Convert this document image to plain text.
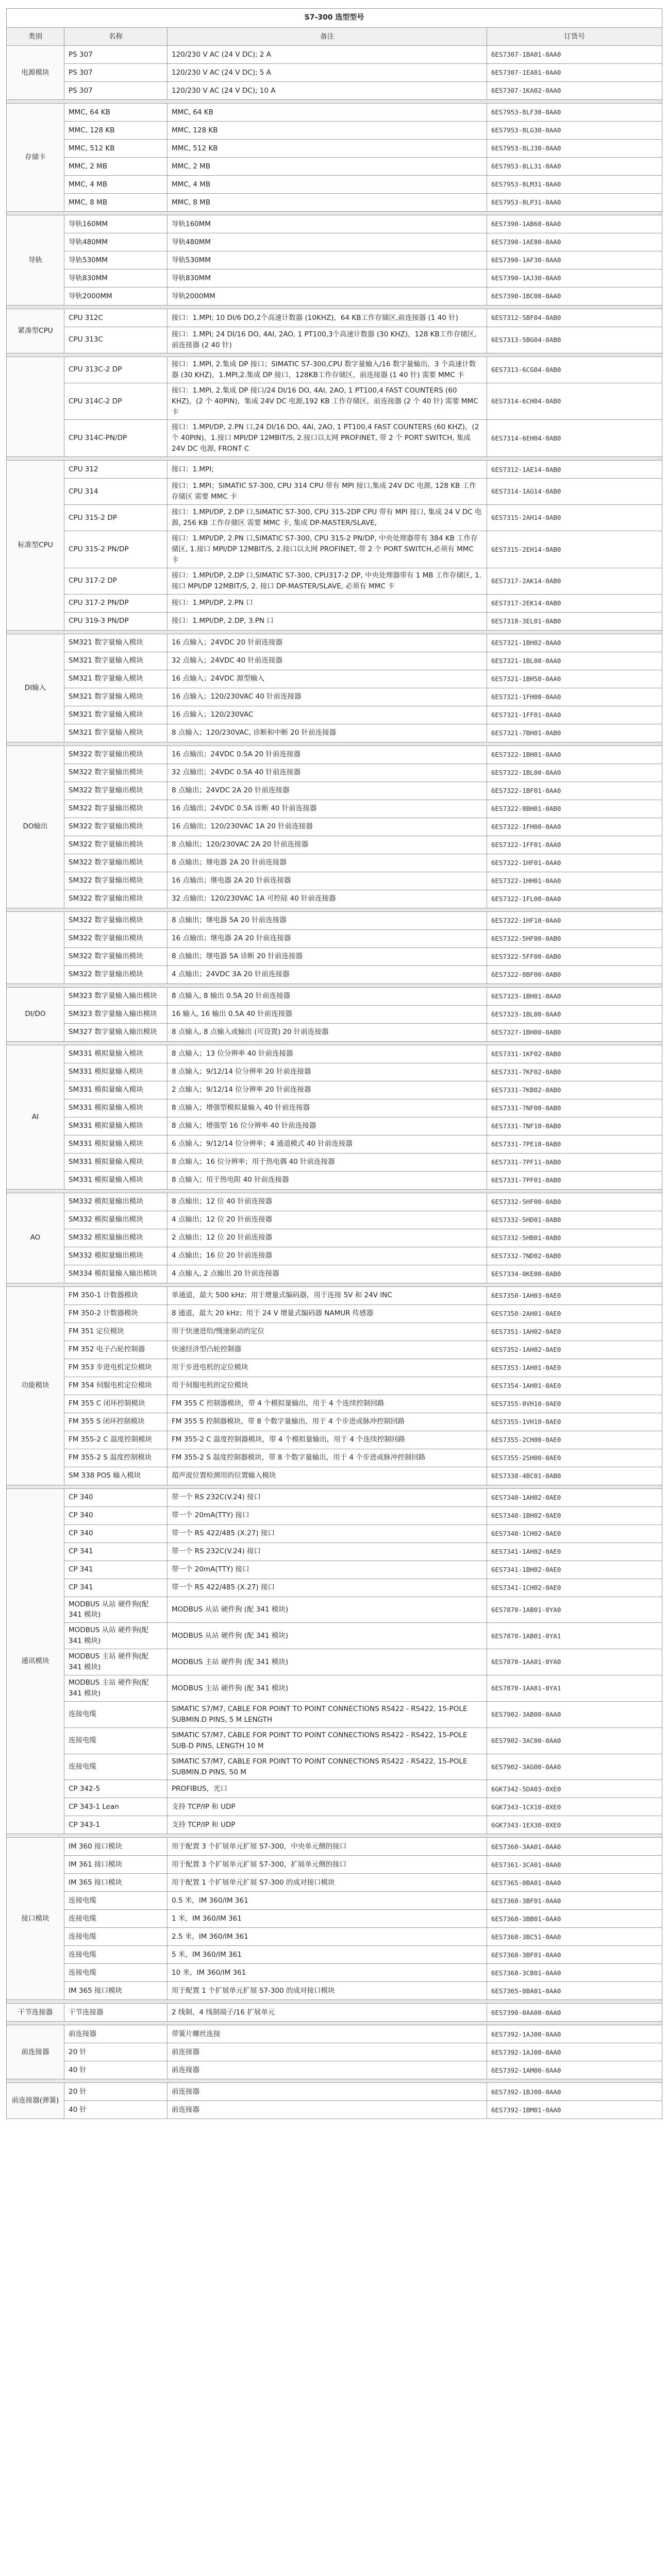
S7-300 选型型号			
类别	名称	备注	订货号
电源模块	PS 307	120/230 V AC (24 V DC); 2 A	6ES7307-1BA01-0AA0
	PS 307	120/230 V AC (24 V DC); 5 A	6ES7307-1EA01-0AA0
	PS 307	120/230 V AC (24 V DC); 10 A	6ES7307-1KA02-0AA0

存储卡	MMC, 64 KB	MMC, 64 KB	6ES7953-8LF30-0AA0
	MMC, 128 KB	MMC, 128 KB	6ES7953-8LG30-0AA0
	MMC, 512 KB	MMC, 512 KB	6ES7953-8LJ30-0AA0
	MMC, 2 MB	MMC, 2 MB	6ES7953-8LL31-0AA0
	MMC, 4 MB	MMC, 4 MB	6ES7953-8LM31-0AA0
	MMC, 8 MB	MMC, 8 MB	6ES7953-8LP31-0AA0

导轨	导轨160MM	导轨160MM	6ES7390-1AB60-0AA0
	导轨480MM	导轨480MM	6ES7390-1AE80-0AA0
	导轨530MM	导轨530MM	6ES7390-1AF30-0AA0
	导轨830MM	导轨830MM	6ES7390-1AJ30-0AA0
	导轨2000MM	导轨2000MM	6ES7390-1BC00-0AA0

紧凑型CPU	CPU 312C	接口：1.MPI; 10 DI/6 DO,2个高速计数器 (10KHZ)，64 KB工作存储区,前连接器 (1 40 针)	6ES7312-5BF04-0AB0
	CPU 313C	接口：1.MPI; 24 DI/16 DO, 4AI, 2AO, 1 PT100,3个高速计数器 (30 KHZ)，128 KB工作存储区,前连接器 (2 40 针)	6ES7313-5BG04-0AB0

	CPU 313C-2 DP	接口：1.MPI, 2.集成 DP 接口；SIMATIC S7-300,CPU 数字量输入/16 数字量输出，3 个高速计数器 (30 KHZ)，1.MPI,2.集成 DP 接口，128KB工作存储区，前连接器 (1 40 针) 需要 MMC 卡	6ES7313-6CG04-0AB0
	CPU 314C-2 DP	接口：1.MPI, 2.集成 DP 接口/24 DI/16 DO, 4AI, 2AO, 1 PT100,4 FAST COUNTERS (60 KHZ)，(2 个 40PIN)，集成 24V DC 电源,192 KB 工作存储区，前连接器 (2 个 40 针) 需要 MMC 卡	6ES7314-6CH04-0AB0
	CPU 314C-PN/DP	接口：1.MPI/DP, 2.PN 口,24 DI/16 DO, 4AI, 2AO, 1 PT100,4 FAST COUNTERS (60 KHZ)，(2 个 40PIN)，1.接口 MPI/DP 12MBIT/S, 2.接口以太网 PROFINET, 带 2 个 PORT SWITCH, 集成 24V DC 电源, FRONT C	6ES7314-6EH04-0AB0

标准型CPU	CPU 312	接口：1.MPI;	6ES7312-1AE14-0AB0
	CPU 314	接口：1.MPI；SIMATIC S7-300, CPU 314 CPU 带有 MPI 接口,集成 24V DC 电源, 128 KB 工作存储区 需要 MMC 卡	6ES7314-1AG14-0AB0
	CPU 315-2 DP	接口：1.MPI/DP, 2.DP 口,SIMATIC S7-300, CPU 315-2DP CPU 带有 MPI 接口, 集成 24 V DC 电源, 256 KB 工作存储区 需要 MMC 卡, 集成 DP-MASTER/SLAVE,	6ES7315-2AH14-0AB0
	CPU 315-2 PN/DP	接口：1.MPI/DP, 2.PN 口,SIMATIC S7-300, CPU 315-2 PN/DP, 中央处理器带有 384 KB 工作存储区, 1.接口 MPI/DP 12MBIT/S, 2.接口以太网 PROFINET, 带 2 个 PORT SWITCH,必须有 MMC 卡	6ES7315-2EH14-0AB0
	CPU 317-2 DP	接口：1.MPI/DP, 2.DP 口,SIMATIC S7-300, CPU317-2 DP, 中央处理器带有 1 MB 工作存储区, 1. 接口 MPI/DP 12MBIT/S, 2. 接口 DP-MASTER/SLAVE, 必须有 MMC 卡	6ES7317-2AK14-0AB0
	CPU 317-2 PN/DP	接口：1.MPI/DP, 2.PN 口	6ES7317-2EK14-0AB0
	CPU 319-3 PN/DP	接口：1.MPI/DP, 2.DP, 3.PN 口	6ES7318-3EL01-0AB0

DI输入	SM321 数字量输入模块	16 点输入；24VDC 20 针前连接器	6ES7321-1BH02-0AA0
	SM321 数字量输入模块	32 点输入；24VDC 40 针前连接器	6ES7321-1BL00-0AA0
	SM321 数字量输入模块	16 点输入；24VDC 源型输入	6ES7321-1BH50-0AA0
	SM321 数字量输入模块	16 点输入；120/230VAC 40 针前连接器	6ES7321-1FH00-0AA0
	SM321 数字量输入模块	16 点输入；120/230VAC	6ES7321-1FF01-0AA0
	SM321 数字量输入模块	8 点输入；120/230VAC, 诊断和中断 20 针前连接器	6ES7321-7BH01-0AB0

DO输出	SM322 数字量输出模块	16 点输出；24VDC 0.5A 20 针前连接器	6ES7322-1BH01-0AA0
	SM322 数字量输出模块	32 点输出；24VDC 0.5A 40 针前连接器	6ES7322-1BL00-0AA0
	SM322 数字量输出模块	8 点输出；24VDC 2A 20 针前连接器	6ES7322-1BF01-0AA0
	SM322 数字量输出模块	16 点输出；24VDC 0.5A 诊断 40 针前连接器	6ES7322-8BH01-0AB0
	SM322 数字量输出模块	16 点输出；120/230VAC 1A 20 针前连接器	6ES7322-1FH00-0AA0
	SM322 数字量输出模块	8 点输出；120/230VAC 2A 20 针前连接器	6ES7322-1FF01-0AA0
	SM322 数字量输出模块	8 点输出；继电器 2A 20 针前连接器	6ES7322-1HF01-0AA0
	SM322 数字量输出模块	16 点输出；继电器 2A 20 针前连接器	6ES7322-1HH01-0AA0
	SM322 数字量输出模块	32 点输出；120/230VAC 1A 可控硅 40 针前连接器	6ES7322-1FL00-0AA0

	SM322 数字量输出模块	8 点输出；继电器 5A 20 针前连接器	6ES7322-1HF10-0AA0
	SM322 数字量输出模块	16 点输出；继电器 2A 20 针前连接器	6ES7322-5HF00-0AB0
	SM322 数字量输出模块	8 点输出；继电器 5A 诊断 20 针前连接器	6ES7322-5FF00-0AB0
	SM322 数字量输出模块	4 点输出；24VDC 3A 20 针前连接器	6ES7322-8BF00-0AB0

DI/DO	SM323 数字量输入输出模块	8 点输入, 8 输出 0.5A 20 针前连接器	6ES7323-1BH01-0AA0
	SM323 数字量输入输出模块	16 输入, 16 输出 0.5A 40 针前连接器	6ES7323-1BL00-0AA0
	SM327 数字量输入输出模块	8 点输入, 8 点输入或输出 (可设置) 20 针前连接器	6ES7327-1BH00-0AB0

AI	SM331 模拟量输入模块	8 点输入；13 位分辨率 40 针前连接器	6ES7331-1KF02-0AB0
	SM331 模拟量输入模块	8 点输入；9/12/14 位分辨率 20 针前连接器	6ES7331-7KF02-0AB0
	SM331 模拟量输入模块	2 点输入；9/12/14 位分辨率 20 针前连接器	6ES7331-7KB02-0AB0
	SM331 模拟量输入模块	8 点输入；增强型模拟量输入 40 针前连接器	6ES7331-7NF00-0AB0
	SM331 模拟量输入模块	8 点输入；增强型 16 位分辨率 40 针前连接器	6ES7331-7NF10-0AB0
	SM331 模拟量输入模块	6 点输入；9/12/14 位分辨率；4 通道模式 40 针前连接器	6ES7331-7PE10-0AB0
	SM331 模拟量输入模块	8 点输入；16 位分辨率；用于热电偶 40 针前连接器	6ES7331-7PF11-0AB0
	SM331 模拟量输入模块	8 点输入；用于热电阻 40 针前连接器	6ES7331-7PF01-0AB0

AO	SM332 模拟量输出模块	8 点输出；12 位 40 针前连接器	6ES7332-5HF00-0AB0
	SM332 模拟量输出模块	4 点输出；12 位 20 针前连接器	6ES7332-5HD01-0AB0
	SM332 模拟量输出模块	2 点输出；12 位 20 针前连接器	6ES7332-5HB01-0AB0
	SM332 模拟量输出模块	4 点输出；16 位 20 针前连接器	6ES7332-7ND02-0AB0
	SM334 模拟量输入输出模块	4 点输入, 2 点输出 20 针前连接器	6ES7334-0KE00-0AB0

功能模块	FM 350-1 计数器模块	单通道，最大 500 kHz；用于增量式编码器，用于连接 5V 和 24V INC	6ES7350-1AH03-0AE0
	FM 350-2 计数器模块	8 通道，最大 20 kHz；用于 24 V 增量式编码器 NAMUR 传感器	6ES7350-2AH01-0AE0
	FM 351 定位模块	用于快速进给/慢速驱动的定位	6ES7351-1AH02-0AE0
	FM 352 电子凸轮控制器	快速经济型凸轮控制器	6ES7352-1AH02-0AE0
	FM 353 步进电机定位模块	用于步进电机的定位模块	6ES7353-1AH01-0AE0
	FM 354 伺服电机定位模块	用于伺服电机的定位模块	6ES7354-1AH01-0AE0
	FM 355 C 闭环控制模块	FM 355 C 控制器模块，带 4 个模拟量输出，用于 4 个连续控制回路	6ES7355-0VH10-0AE0
	FM 355 S 闭环控制模块	FM 355 S 控制器模块，带 8 个数字量输出，用于 4 个步进或脉冲控制回路	6ES7355-1VH10-0AE0
	FM 355-2 C 温度控制模块	FM 355-2 C 温度控制器模块，带 4 个模拟量输出，用于 4 个连续控制回路	6ES7355-2CH00-0AE0
	FM 355-2 S 温度控制模块	FM 355-2 S 温度控制器模块，带 8 个数字量输出，用于 4 个步进或脉冲控制回路	6ES7355-2SH00-0AE0
	SM 338 POS 输入模块	超声波位置检测用的位置输入模块	6ES7338-4BC01-0AB0

通讯模块	CP 340	带一个 RS 232C(V.24) 接口	6ES7340-1AH02-0AE0
	CP 340	带一个 20mA(TTY) 接口	6ES7340-1BH02-0AE0
	CP 340	带一个 RS 422/485 (X.27) 接口	6ES7340-1CH02-0AE0
	CP 341	带一个 RS 232C(V.24) 接口	6ES7341-1AH02-0AE0
	CP 341	带一个 20mA(TTY) 接口	6ES7341-1BH02-0AE0
	CP 341	带一个 RS 422/485 (X.27) 接口	6ES7341-1CH02-0AE0
	MODBUS 从站 硬件狗(配 341 模块)	MODBUS 从站 硬件狗 (配 341 模块)	6ES7870-1AB01-0YA0
	MODBUS 从站 硬件狗(配 341 模块)	MODBUS 从站 硬件狗 (配 341 模块)	6ES7870-1AB01-0YA1
	MODBUS 主站 硬件狗(配 341 模块)	MODBUS 主站 硬件狗 (配 341 模块)	6ES7870-1AA01-0YA0
	MODBUS 主站 硬件狗(配 341 模块)	MODBUS 主站 硬件狗 (配 341 模块)	6ES7870-1AA01-0YA1
	连接电缆	SIMATIC S7/M7, CABLE FOR POINT TO POINT CONNECTIONS RS422 - RS422, 15-POLE SUBMIN.D PINS, 5 M LENGTH	6ES7902-3AB00-0AA0
	连接电缆	SIMATIC S7/M7, CABLE FOR POINT TO POINT CONNECTIONS RS422 - RS422, 15-POLE SUB-D PINS, LENGTH 10 M	6ES7902-3AC00-0AA0
	连接电缆	SIMATIC S7/M7, CABLE FOR POINT TO POINT CONNECTIONS RS422 - RS422, 15-POLE SUBMIN.D PINS, 50 M	6ES7902-3AG00-0AA0
	CP 342-5	PROFIBUS，光口	6GK7342-5DA03-0XE0
	CP 343-1 Lean	支持 TCP/IP 和 UDP	6GK7343-1CX10-0XE0
	CP 343-1	支持 TCP/IP 和 UDP	6GK7343-1EX30-0XE0

接口模块	IM 360 接口模块	用于配置 3 个扩展单元扩展 S7-300，中央单元侧的接口	6ES7360-3AA01-0AA0
	IM 361 接口模块	用于配置 3 个扩展单元扩展 S7-300，扩展单元侧的接口	6ES7361-3CA01-0AA0
	IM 365 接口模块	用于配置 1 个扩展单元扩展 S7-300 的成对接口模块	6ES7365-0BA01-0AA0
	连接电缆	0.5 米，IM 360/IM 361	6ES7368-3BF01-0AA0
	连接电缆	1 米，IM 360/IM 361	6ES7368-3BB01-0AA0
	连接电缆	2.5 米，IM 360/IM 361	6ES7368-3BC51-0AA0
	连接电缆	5 米，IM 360/IM 361	6ES7368-3BF01-0AA0
	连接电缆	10 米，IM 360/IM 361	6ES7368-3CB01-0AA0
	IM 365 接口模块	用于配置 1 个扩展单元扩展 S7-300 的成对接口模块	6ES7365-0BA01-0AA0

干节连接器	干节连接器	2 线制，4 线制端子/16 扩展单元	6ES7390-0AA00-0AA0

前连接器	前连接器	带簧片螺丝连接	6ES7392-1AJ00-0AA0
	20 针	前连接器	6ES7392-1AJ00-0AA0
	40 针	前连接器	6ES7392-1AM00-0AA0

前连接器(弹簧)	20 针	前连接器	6ES7392-1BJ00-0AA0
	40 针	前连接器	6ES7392-1BM01-0AA0
